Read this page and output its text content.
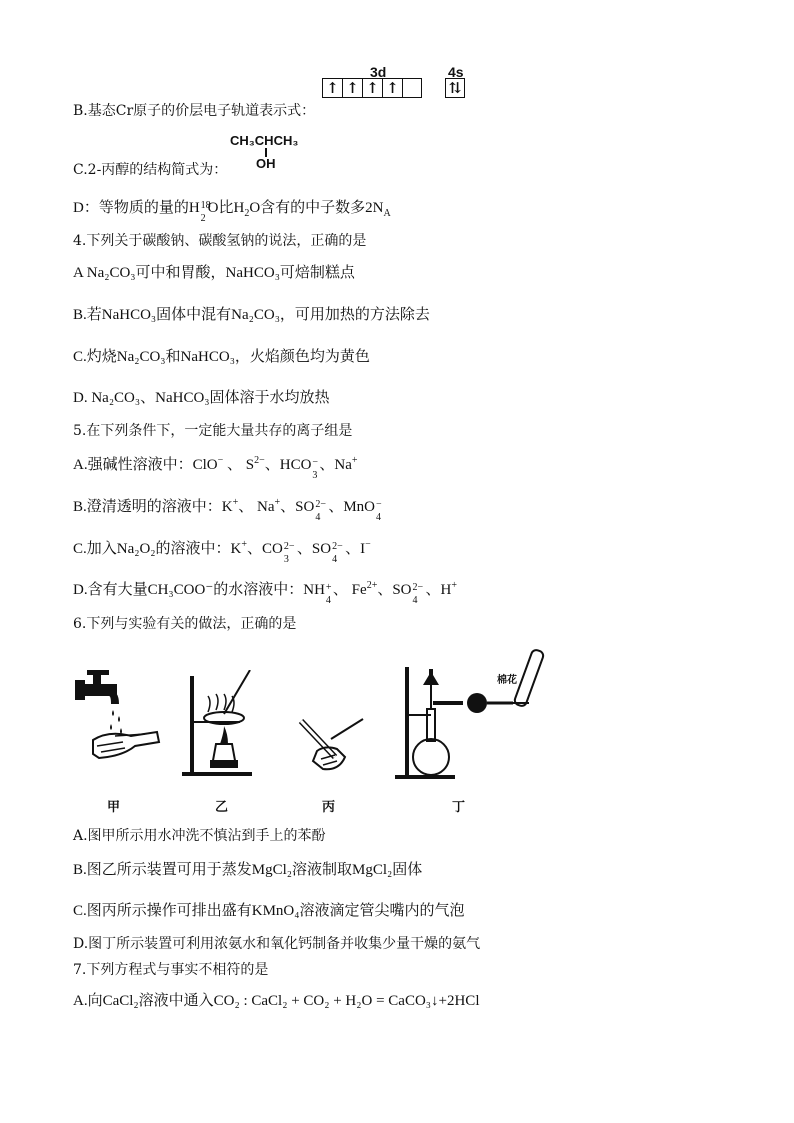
B.基态Cr原子的价层电子轨道表示式：
3d	4s
↑ ↑ ↑ ↑	⇅
CH₃CHCH₃
OH
C.2-丙醇的结构简式为：
D：等物质的量的H 18
2
O比$H_2O$含有的中子数多$2N_A$
4.下列关于碳酸钠、碳酸氢钠的说法，正确的是
A Na₂CO₃可中和胃酸，NaHCO₃可焙制糕点
B.若NaHCO₃固体中混有Na₂CO₃，可用加热的方法除去
C.灼烧Na₂CO₃和NaHCO₃，火焰颜色均为黄色
D. Na₂CO₃、NaHCO₃固体溶于水均放热
5.在下列条件下，一定能大量共存的离子组是
A.强碱性溶液中：ClO− 、 $S^{2-}$、HCO −
3
、Na+
B.澄清透明的溶液中：K+、 Na+、SO 2−
4
、MnO −
4
C.加入Na₂O₂的溶液中：K+、CO 2−
3
、SO 2−
4
、I−
D.含有大量CH₃COO⁻的水溶液中：NH +
4
、 $Fe^{2+}$、SO 2−
4
、H+
6.下列与实验有关的做法，正确的是
棉花
甲	乙	丙	丁
A.图甲所示用水冲洗不慎沾到手上的苯酚
B.图乙所示装置可用于蒸发MgCl₂溶液制取MgCl₂固体
C.图丙所示操作可排出盛有KMnO₄溶液滴定管尖嘴内的气泡
D.图丁所示装置可利用浓氨水和氧化钙制备并收集少量干燥的氨气
7.下列方程式与事实不相符的是
A.向CaCl₂溶液中通入CO₂ : CaCl₂ + CO₂ + H₂O = CaCO₃↓+2HCl
